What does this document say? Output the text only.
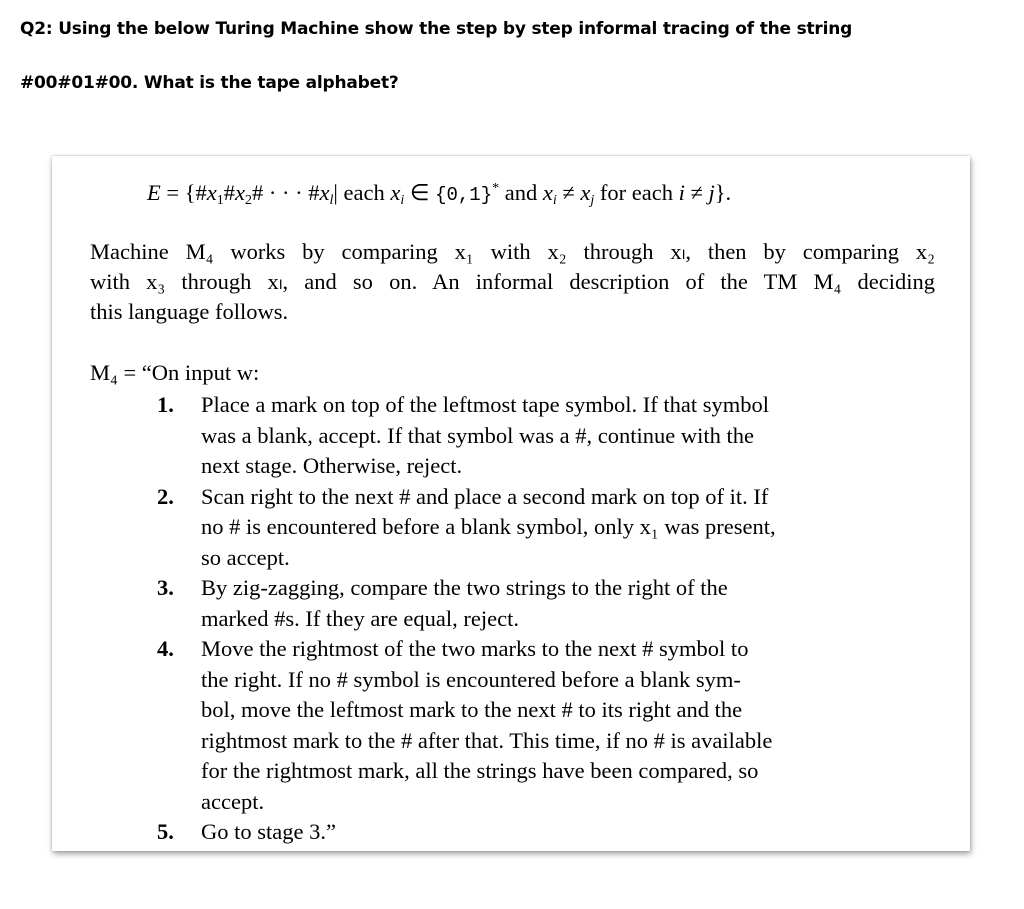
Q2: Using the below Turing Machine show the step by step informal tracing of the string
#00#01#00. What is the tape alphabet?
$E = \{\#x_1\#x_2\#$ · · · $\#x_l|$ each $x_i$ ∈ {0,1}* and $x_i \ne x_j$ for each i ≠ j}.
Machine M₄ works by comparing x₁ with x₂ through xₗ, then by comparing x₂
with x₃ through xₗ, and so on. An informal description of the TM M₄ deciding
this language follows.
M₄ = “On input w:
1. Place a mark on top of the leftmost tape symbol. If that symbol
was a blank, accept. If that symbol was a #, continue with the
next stage. Otherwise, reject.
2. Scan right to the next # and place a second mark on top of it. If
no # is encountered before a blank symbol, only x₁ was present,
so accept.
3. By zig-zagging, compare the two strings to the right of the
marked #s. If they are equal, reject.
4. Move the rightmost of the two marks to the next # symbol to
the right. If no # symbol is encountered before a blank sym-
bol, move the leftmost mark to the next # to its right and the
rightmost mark to the # after that. This time, if no # is available
for the rightmost mark, all the strings have been compared, so
accept.
5. Go to stage 3.”
